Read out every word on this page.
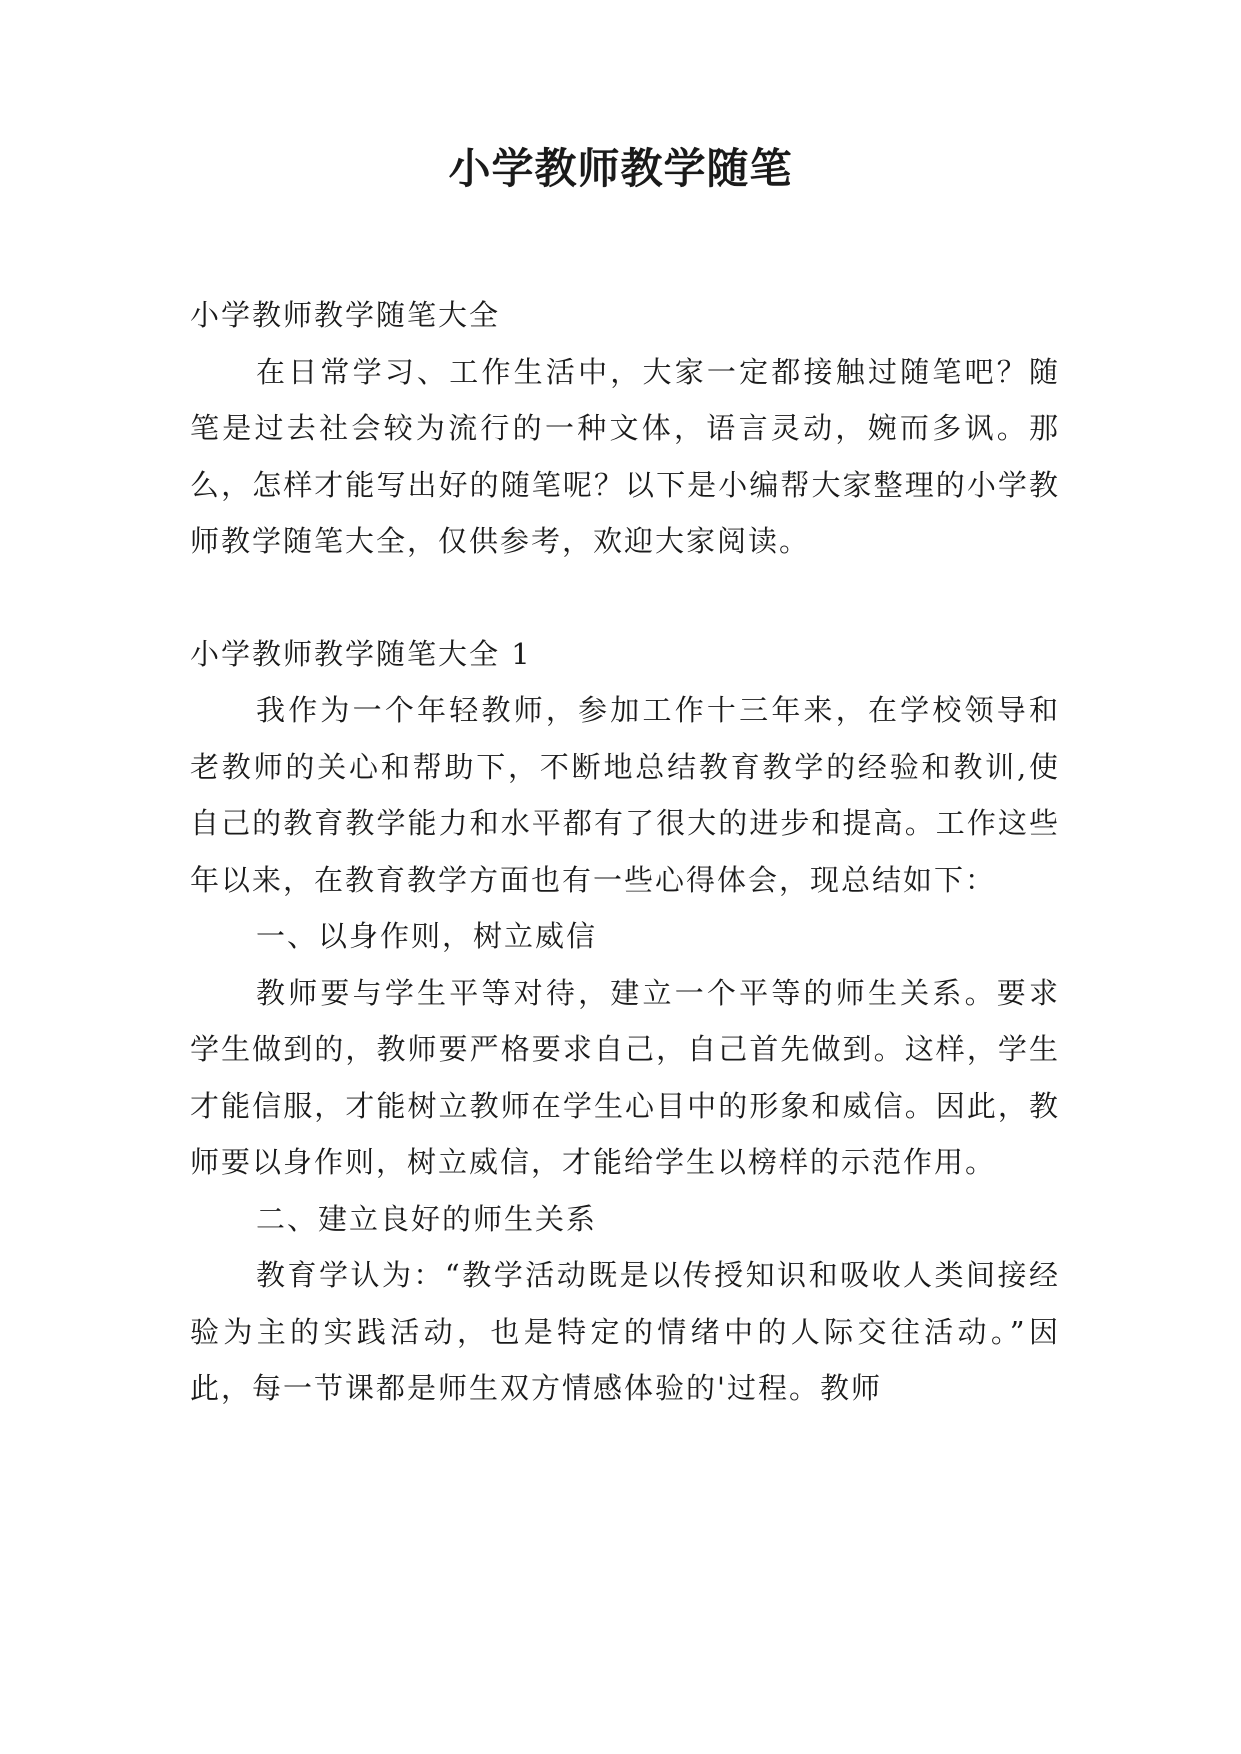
小学教师教学随笔

小学教师教学随笔大全

在日常学习、工作生活中，大家一定都接触过随笔吧？随笔是过去社会较为流行的一种文体，语言灵动，婉而多讽。那么，怎样才能写出好的随笔呢？以下是小编帮大家整理的小学教师教学随笔大全，仅供参考，欢迎大家阅读。

小学教师教学随笔大全 1

我作为一个年轻教师，参加工作十三年来，在学校领导和老教师的关心和帮助下，不断地总结教育教学的经验和教训,使自己的教育教学能力和水平都有了很大的进步和提高。工作这些年以来，在教育教学方面也有一些心得体会，现总结如下：

一、以身作则，树立威信

教师要与学生平等对待，建立一个平等的师生关系。要求学生做到的，教师要严格要求自己，自己首先做到。这样，学生才能信服，才能树立教师在学生心目中的形象和威信。因此，教师要以身作则，树立威信，才能给学生以榜样的示范作用。

二、建立良好的师生关系

教育学认为：“教学活动既是以传授知识和吸收人类间接经验为主的实践活动，也是特定的情绪中的人际交往活动。”因此，每一节课都是师生双方情感体验的'过程。教师
